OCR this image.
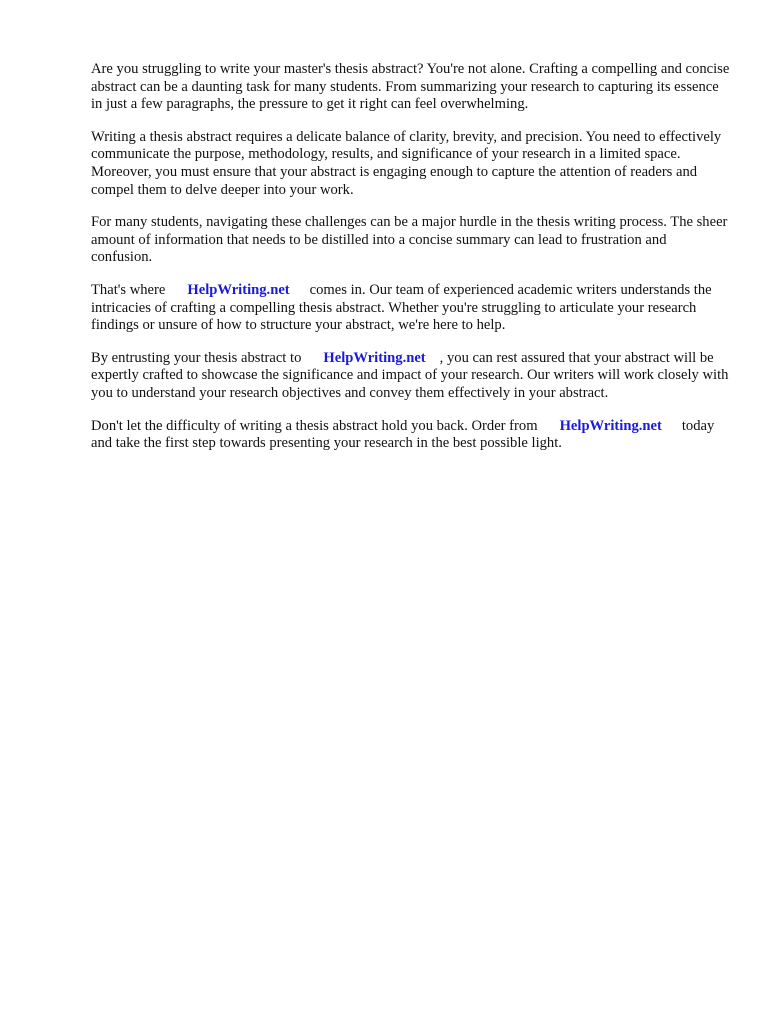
Are you struggling to write your master's thesis abstract? You're not alone. Crafting a compelling and concise abstract can be a daunting task for many students. From summarizing your research to capturing its essence in just a few paragraphs, the pressure to get it right can feel overwhelming.

Writing a thesis abstract requires a delicate balance of clarity, brevity, and precision. You need to effectively communicate the purpose, methodology, results, and significance of your research in a limited space. Moreover, you must ensure that your abstract is engaging enough to capture the attention of readers and compel them to delve deeper into your work.

For many students, navigating these challenges can be a major hurdle in the thesis writing process. The sheer amount of information that needs to be distilled into a concise summary can lead to frustration and confusion.

That's where HelpWriting.net comes in. Our team of experienced academic writers understands the intricacies of crafting a compelling thesis abstract. Whether you're struggling to articulate your research findings or unsure of how to structure your abstract, we're here to help.

By entrusting your thesis abstract to HelpWriting.net , you can rest assured that your abstract will be expertly crafted to showcase the significance and impact of your research. Our writers will work closely with you to understand your research objectives and convey them effectively in your abstract.

Don't let the difficulty of writing a thesis abstract hold you back. Order from HelpWriting.net today and take the first step towards presenting your research in the best possible light.
